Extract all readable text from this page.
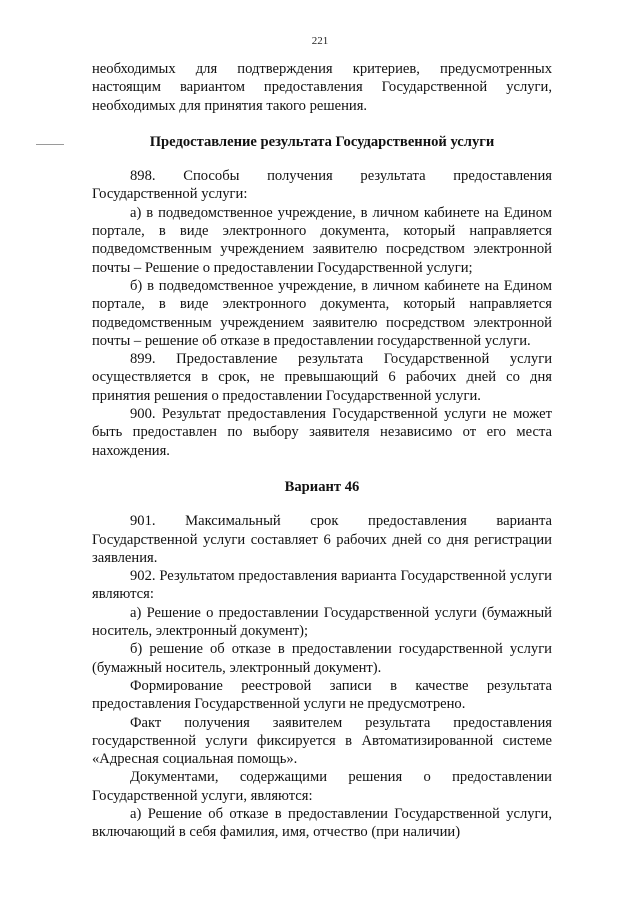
221

необходимых для подтверждения критериев, предусмотренных настоящим вариантом предоставления Государственной услуги, необходимых для принятия такого решения.

Предоставление результата Государственной услуги

898. Способы получения результата предоставления Государственной услуги:

а) в подведомственное учреждение, в личном кабинете на Едином портале, в виде электронного документа, который направляется подведомственным учреждением заявителю посредством электронной почты – Решение о предоставлении Государственной услуги;

б) в подведомственное учреждение, в личном кабинете на Едином портале, в виде электронного документа, который направляется подведомственным учреждением заявителю посредством электронной почты – решение об отказе в предоставлении государственной услуги.

899. Предоставление результата Государственной услуги осуществляется в срок, не превышающий 6 рабочих дней со дня принятия решения о предоставлении Государственной услуги.

900. Результат предоставления Государственной услуги не может быть предоставлен по выбору заявителя независимо от его места нахождения.

Вариант 46

901. Максимальный срок предоставления варианта Государственной услуги составляет 6 рабочих дней со дня регистрации заявления.

902. Результатом предоставления варианта Государственной услуги являются:

а) Решение о предоставлении Государственной услуги (бумажный носитель, электронный документ);

б) решение об отказе в предоставлении государственной услуги (бумажный носитель, электронный документ).

Формирование реестровой записи в качестве результата предоставления Государственной услуги не предусмотрено.

Факт получения заявителем результата предоставления государственной услуги фиксируется в Автоматизированной системе «Адресная социальная помощь».

Документами, содержащими решения о предоставлении Государственной услуги, являются:

а) Решение об отказе в предоставлении Государственной услуги, включающий в себя фамилия, имя, отчество (при наличии)
